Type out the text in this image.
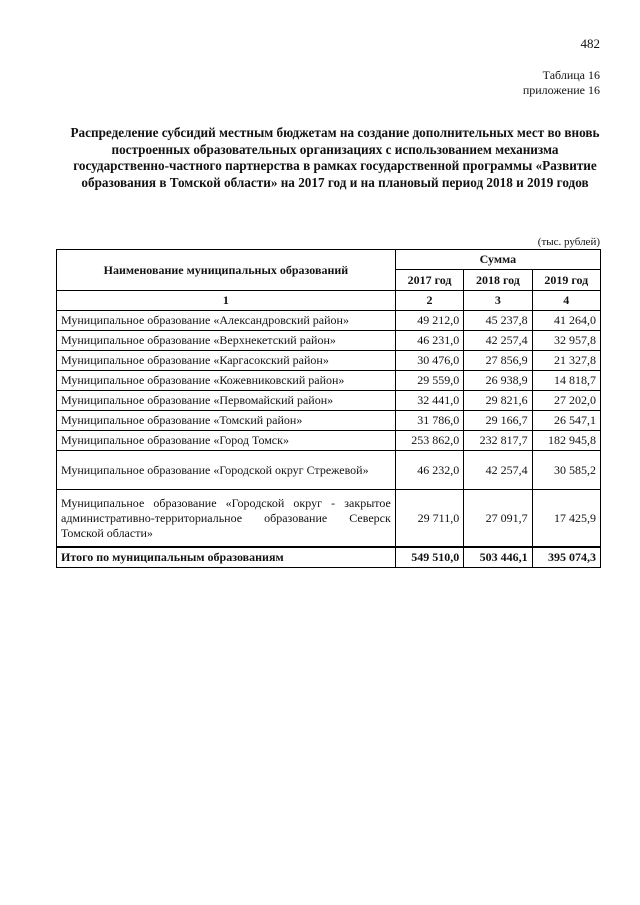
482
Таблица 16
приложение 16
Распределение субсидий местным бюджетам на создание дополнительных мест во вновь построенных образовательных организациях с использованием механизма государственно-частного партнерства в рамках государственной программы «Развитие образования в Томской области» на 2017 год и на плановый период 2018 и 2019 годов
(тыс. рублей)
Наименование муниципальных образований	Сумма		
	2017 год	2018 год	2019 год
1	2	3	4
Муниципальное образование «Александровский район»	49 212,0	45 237,8	41 264,0
Муниципальное образование «Верхнекетский район»	46 231,0	42 257,4	32 957,8
Муниципальное образование «Каргасокский район»	30 476,0	27 856,9	21 327,8
Муниципальное образование «Кожевниковский район»	29 559,0	26 938,9	14 818,7
Муниципальное образование «Первомайский район»	32 441,0	29 821,6	27 202,0
Муниципальное образование «Томский район»	31 786,0	29 166,7	26 547,1
Муниципальное образование «Город Томск»	253 862,0	232 817,7	182 945,8
Муниципальное образование «Городской округ Стрежевой»	46 232,0	42 257,4	30 585,2
Муниципальное образование «Городской округ - закрытое административно-территориальное образование Северск Томской области»	29 711,0	27 091,7	17 425,9
Итого по муниципальным образованиям	549 510,0	503 446,1	395 074,3
